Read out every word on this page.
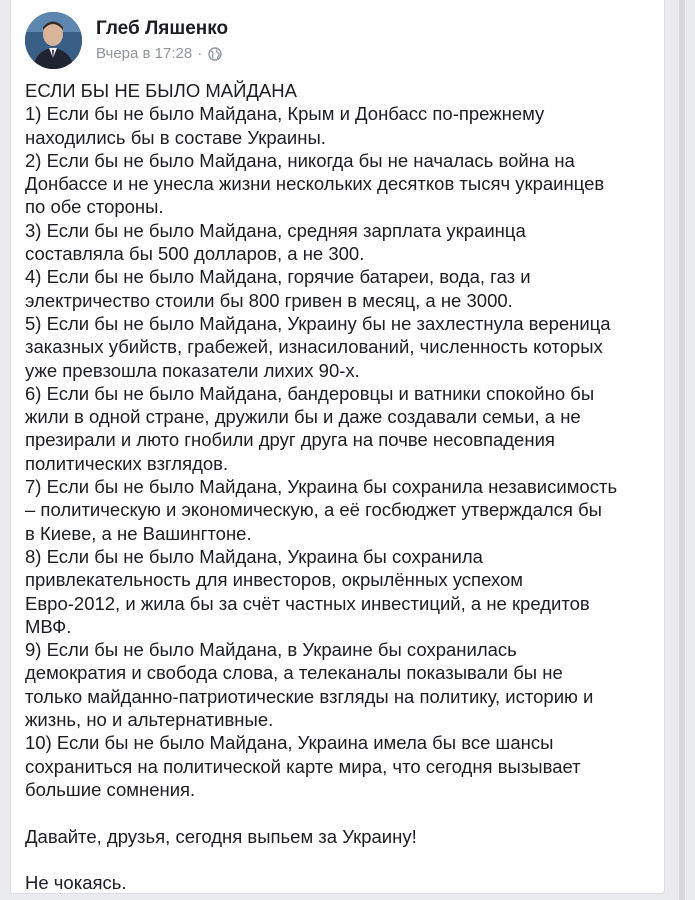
Глеб Ляшенко
Вчера в 17:28 ·
ЕСЛИ БЫ НЕ БЫЛО МАЙДАНА
1) Если бы не было Майдана, Крым и Донбасс по-прежнему
находились бы в составе Украины.
2) Если бы не было Майдана, никогда бы не началась война на
Донбассе и не унесла жизни нескольких десятков тысяч украинцев
по обе стороны.
3) Если бы не было Майдана, средняя зарплата украинца
составляла бы 500 долларов, а не 300.
4) Если бы не было Майдана, горячие батареи, вода, газ и
электричество стоили бы 800 гривен в месяц, а не 3000.
5) Если бы не было Майдана, Украину бы не захлестнула вереница
заказных убийств, грабежей, изнасилований, численность которых
уже превзошла показатели лихих 90-х.
6) Если бы не было Майдана, бандеровцы и ватники спокойно бы
жили в одной стране, дружили бы и даже создавали семьи, а не
презирали и люто гнобили друг друга на почве несовпадения
политических взглядов.
7) Если бы не было Майдана, Украина бы сохранила независимость
– политическую и экономическую, а её госбюджет утверждался бы
в Киеве, а не Вашингтоне.
8) Если бы не было Майдана, Украина бы сохранила
привлекательность для инвесторов, окрылённых успехом
Евро-2012, и жила бы за счёт частных инвестиций, а не кредитов
МВФ.
9) Если бы не было Майдана, в Украине бы сохранилась
демократия и свобода слова, а телеканалы показывали бы не
только майданно-патриотические взгляды на политику, историю и
жизнь, но и альтернативные.
10) Если бы не было Майдана, Украина имела бы все шансы
сохраниться на политической карте мира, что сегодня вызывает
большие сомнения.
Давайте, друзья, сегодня выпьем за Украину!
Не чокаясь.
